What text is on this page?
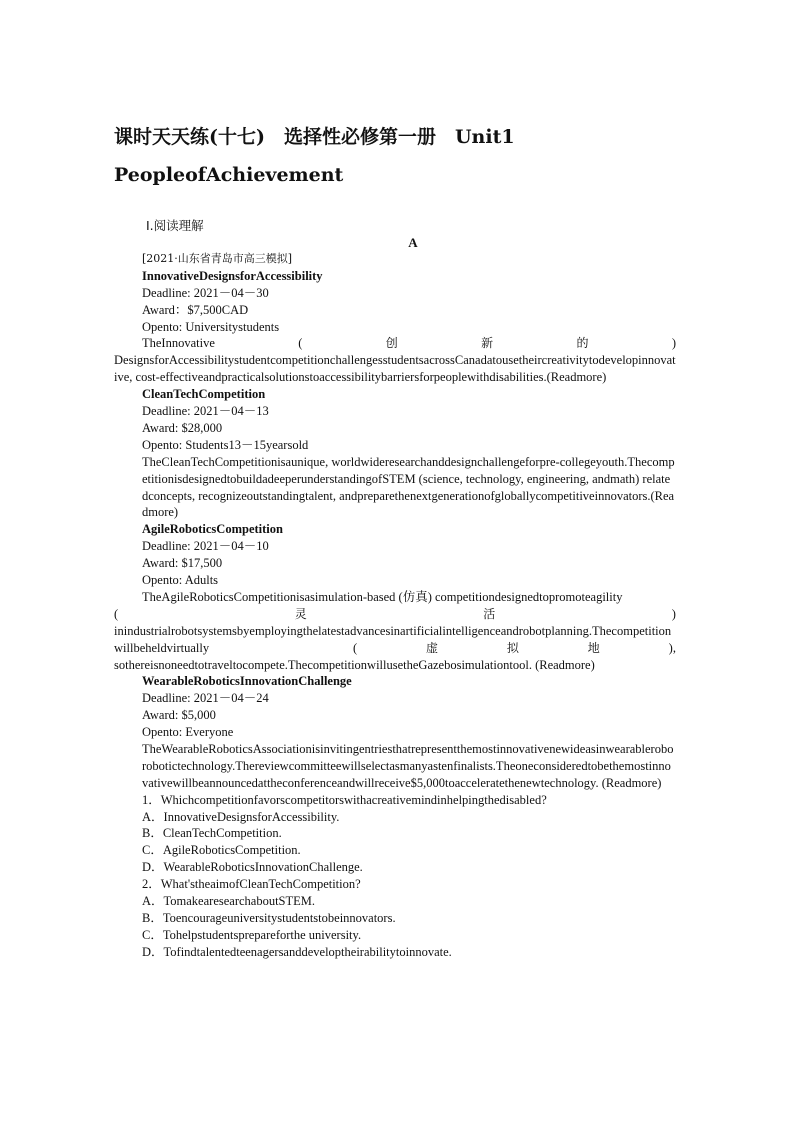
课时天天练(十七)　选择性必修第一册　Unit1
PeopleofAchievement
Ⅰ.阅读理解
A
[2021·山东省青岛市高三模拟]
InnovativeDesignsforAccessibility
Deadline: 2021－04－30
Award：$7,500CAD
Opento: Universitystudents
TheInnovative	(	创	新	的	)
DesignsforAccessibilitystudentcompetitionchallengesstudentsacrossCanadatousetheircreativitytodevelopinnovative, cost-effectiveandpracticalsolutionstoaccessibilitybarriersforpeoplewithdisabilities.(Readmore)
CleanTechCompetition
Deadline: 2021－04－13
Award: $28,000
Opento: Students13－15yearsold
TheCleanTechCompetitionisaunique, worldwideresearchanddesignchallengeforpre-collegeyouth.ThecompetitionisdesignedtobuildadeeperunderstandingofSTEM (science, technology, engineering, andmath) relatedconcepts, recognizeoutstandingtalent, andpreparethenextgenerationofgloballycompetitiveinnovators.(Readmore)
AgileRoboticsCompetition
Deadline: 2021－04－10
Award: $17,500
Opento: Adults
TheAgileRoboticsCompetitionisasimulation-based (仿真) competitiondesignedtopromoteagility
(	灵	活	)
inindustrialrobotsystemsbyemployingthelatestadvancesinartificialintelligenceandrobotplanning.Thecompetitionwillbeheldvirtually	(	虚	拟	地	),
sothereisnoneedtotraveltocompete.ThecompetitionwillusetheGazebosimulationtool. (Readmore)
WearableRoboticsInnovationChallenge
Deadline: 2021－04－24
Award: $5,000
Opento: Everyone
TheWearableRoboticsAssociationisinvitingentriesthatrepresentthemostinnovativenewideasinwearableroborobotictechnology.Thereviewcommitteewillselectasmanyastenfinalists.Theoneconsideredtobethemostinnovativewillbeannouncedattheconferenceandwillreceive$5,000toacceleratethenewtechnology. (Readmore)
1．Whichcompetitionfavorscompetitorswithacreativemindinhelpingthedisabled?
A．InnovativeDesignsforAccessibility.
B．CleanTechCompetition.
C．AgileRoboticsCompetition.
D．WearableRoboticsInnovationChallenge.
2．What'stheaimofCleanTechCompetition?
A．TomakearesearchaboutSTEM.
B．Toencourageuniversitystudentstobeinnovators.
C．Tohelpstudentsprepareforthe university.
D．Tofindtalentedteenagersanddeveloptheirabilitytoinnovate.
